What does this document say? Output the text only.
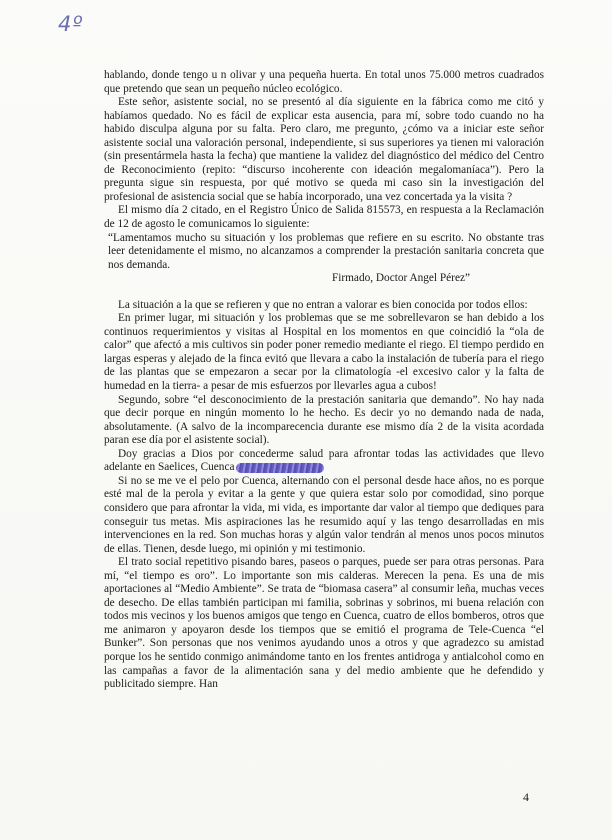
4º

hablando, donde tengo u n olivar y una pequeña huerta. En total unos 75.000 metros cuadrados que pretendo que sean un pequeño núcleo ecológico.

Este señor, asistente social, no se presentó al día siguiente en la fábrica como me citó y habíamos quedado. No es fácil de explicar esta ausencia, para mí, sobre todo cuando no ha habido disculpa alguna por su falta. Pero claro, me pregunto, ¿cómo va a iniciar este señor asistente social una valoración personal, independiente, si sus superiores ya tienen mi valoración (sin presentármela hasta la fecha) que mantiene la validez del diagnóstico del médico del Centro de Reconocimiento (repito: “discurso incoherente con ideación megalomaníaca”). Pero la pregunta sigue sin respuesta, por qué motivo se queda mi caso sin la investigación del profesional de asistencia social que se había incorporado, una vez concertada ya la visita ?

El mismo día 2 citado, en el Registro Único de Salida 815573, en respuesta a la Reclamación de 12 de agosto le comunicamos lo siguiente:

“Lamentamos mucho su situación y los problemas que refiere en su escrito. No obstante tras leer detenidamente el mismo, no alcanzamos a comprender la prestación sanitaria concreta que nos demanda.

Firmado, Doctor Angel Pérez”

La situación a la que se refieren y que no entran a valorar es bien conocida por todos ellos:

En primer lugar, mi situación y los problemas que se me sobrellevaron se han debido a los continuos requerimientos y visitas al Hospital en los momentos en que coincidió la “ola de calor” que afectó a mis cultivos sin poder poner remedio mediante el riego. El tiempo perdido en largas esperas y alejado de la finca evitó que llevara a cabo la instalación de tubería para el riego de las plantas que se empezaron a secar por la climatología -el excesivo calor y la falta de humedad en la tierra- a pesar de mis esfuerzos por llevarles agua a cubos!

Segundo, sobre “el desconocimiento de la prestación sanitaria que demando”. No hay nada que decir porque en ningún momento lo he hecho. Es decir yo no demando nada de nada, absolutamente. (A salvo de la incomparecencia durante ese mismo día 2 de la visita acordada paran ese día por el asistente social).

Doy gracias a Dios por concederme salud para afrontar todas las actividades que llevo adelante en Saelices, Cuenca

Si no se me ve el pelo por Cuenca, alternando con el personal desde hace años, no es porque esté mal de la perola y evitar a la gente y que quiera estar solo por comodidad, sino porque considero que para afrontar la vida, mi vida, es importante dar valor al tiempo que dediques para conseguir tus metas. Mis aspiraciones las he resumido aquí y las tengo desarrolladas en mis intervenciones en la red. Son muchas horas y algún valor tendrán al menos unos pocos minutos de ellas. Tienen, desde luego, mi opinión y mi testimonio.

El trato social repetitivo pisando bares, paseos o parques, puede ser para otras personas. Para mí, “el tiempo es oro”. Lo importante son mis calderas. Merecen la pena. Es una de mis aportaciones al “Medio Ambiente”. Se trata de “biomasa casera” al consumir leña, muchas veces de desecho. De ellas también participan mi familia, sobrinas y sobrinos, mi buena relación con todos mis vecinos y los buenos amigos que tengo en Cuenca, cuatro de ellos bomberos, otros que me animaron y apoyaron desde los tiempos que se emitió el programa de Tele-Cuenca “el Bunker”. Son personas que nos venimos ayudando unos a otros y que agradezco su amistad porque los he sentido conmigo animándome tanto en los frentes antidroga y antialcohol como en las campañas a favor de la alimentación sana y del medio ambiente que he defendido y publicitado siempre. Han

4
